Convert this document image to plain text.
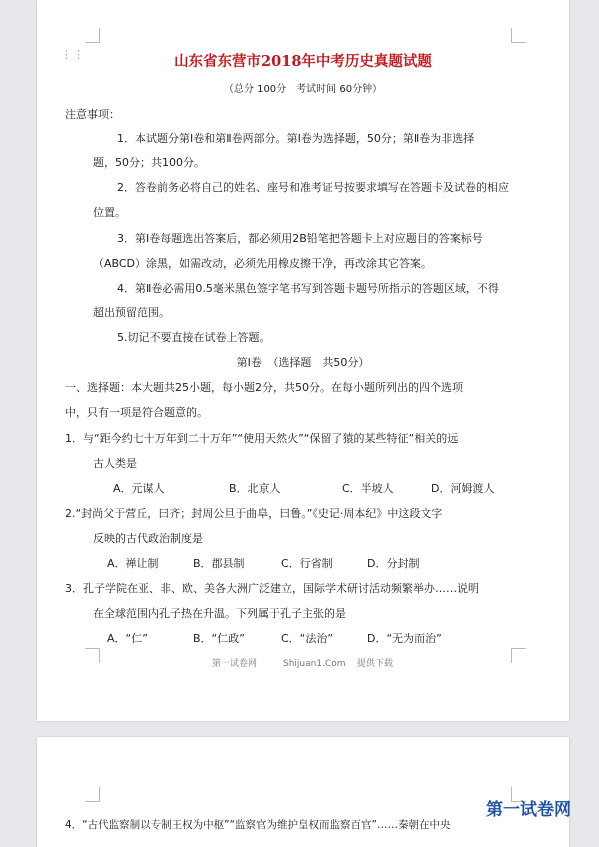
⋮⋮	山东省东营市2018年中考历史真题试题
（总分 100分　考试时间 60分钟）
注意事项：
1．本试题分第Ⅰ卷和第Ⅱ卷两部分。第Ⅰ卷为选择题，50分；第Ⅱ卷为非选择
题，50分；共100分。
2．答卷前务必将自己的姓名、座号和准考证号按要求填写在答题卡及试卷的相应
位置。
3．第Ⅰ卷每题选出答案后，都必须用2B铅笔把答题卡上对应题目的答案标号
（ABCD）涂黑，如需改动，必须先用橡皮擦干净，再改涂其它答案。
4．第Ⅱ卷必需用0.5毫米黑色签字笔书写到答题卡题号所指示的答题区域，不得
超出预留范围。
5.切记不要直接在试卷上答题。
第Ⅰ卷　（选择题　共50分）
一、选择题：本大题共25小题，每小题2分，共50分。在每小题所列出的四个选项
中，只有一项是符合题意的。
1．与“距今约七十万年到二十万年”“使用天然火”“保留了猿的某些特征”相关的远
古人类是
A．元谋人	B．北京人	C．半坡人	D．河姆渡人
2.“封尚父于营丘，曰齐；封周公旦于曲阜，曰鲁。”《史记·周本纪》中这段文字
反映的古代政治制度是
A．禅让制	B．郡县制	C．行省制	D．分封制
3．孔子学院在亚、非、欧、美各大洲广泛建立，国际学术研讨活动频繁举办……说明
在全球范围内孔子热在升温。下列属于孔子主张的是
A．“仁”	B．“仁政”	C．“法治”	D．“无为而治”
第一试卷网	Shijuan1.Com 提供下载
4．“古代监察制以专制王权为中枢”“监察官为维护皇权而监察百官”……秦朝在中央
第一试卷网
